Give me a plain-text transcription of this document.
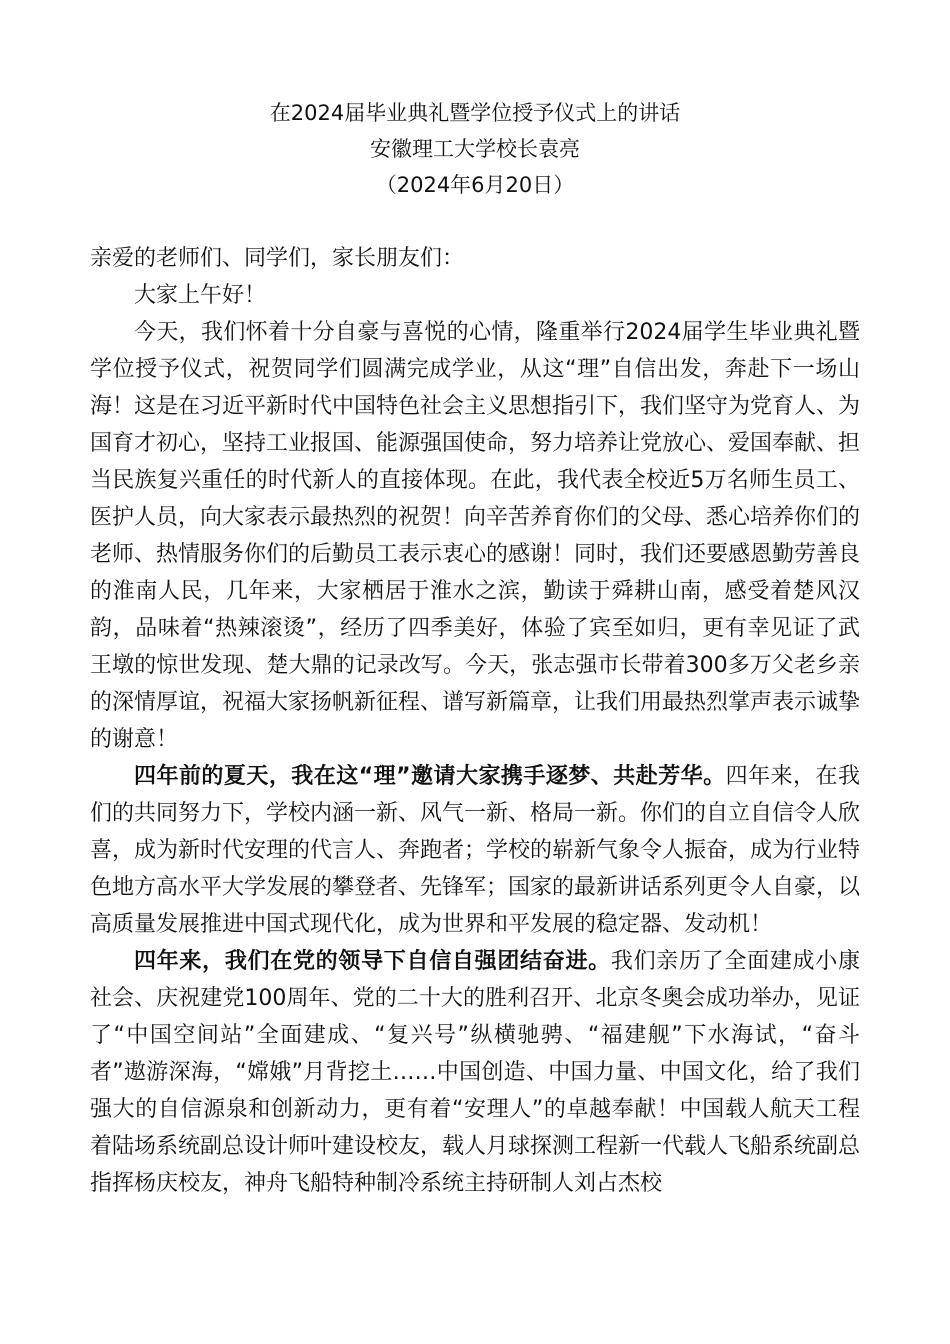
在2024届毕业典礼暨学位授予仪式上的讲话
安徽理工大学校长袁亮
（2024年6月20日）

亲爱的老师们、同学们，家长朋友们：

大家上午好！

今天，我们怀着十分自豪与喜悦的心情，隆重举行2024届学生毕业典礼暨学位授予仪式，祝贺同学们圆满完成学业，从这“理”自信出发，奔赴下一场山海！这是在习近平新时代中国特色社会主义思想指引下，我们坚守为党育人、为国育才初心，坚持工业报国、能源强国使命，努力培养让党放心、爱国奉献、担当民族复兴重任的时代新人的直接体现。在此，我代表全校近5万名师生员工、医护人员，向大家表示最热烈的祝贺！向辛苦养育你们的父母、悉心培养你们的老师、热情服务你们的后勤员工表示衷心的感谢！同时，我们还要感恩勤劳善良的淮南人民，几年来，大家栖居于淮水之滨，勤读于舜耕山南，感受着楚风汉韵，品味着“热辣滚烫”，经历了四季美好，体验了宾至如归，更有幸见证了武王墩的惊世发现、楚大鼎的记录改写。今天，张志强市长带着300多万父老乡亲的深情厚谊，祝福大家扬帆新征程、谱写新篇章，让我们用最热烈掌声表示诚挚的谢意！

四年前的夏天，我在这“理”邀请大家携手逐梦、共赴芳华。四年来，在我们的共同努力下，学校内涵一新、风气一新、格局一新。你们的自立自信令人欣喜，成为新时代安理的代言人、奔跑者；学校的崭新气象令人振奋，成为行业特色地方高水平大学发展的攀登者、先锋军；国家的最新讲话系列更令人自豪，以高质量发展推进中国式现代化，成为世界和平发展的稳定器、发动机！

四年来，我们在党的领导下自信自强团结奋进。我们亲历了全面建成小康社会、庆祝建党100周年、党的二十大的胜利召开、北京冬奥会成功举办，见证了“中国空间站”全面建成、“复兴号”纵横驰骋、“福建舰”下水海试，“奋斗者”遨游深海，“嫦娥”月背挖土……中国创造、中国力量、中国文化，给了我们强大的自信源泉和创新动力，更有着“安理人”的卓越奉献！中国载人航天工程着陆场系统副总设计师叶建设校友，载人月球探测工程新一代载人飞船系统副总指挥杨庆校友，神舟飞船特种制冷系统主持研制人刘占杰校
